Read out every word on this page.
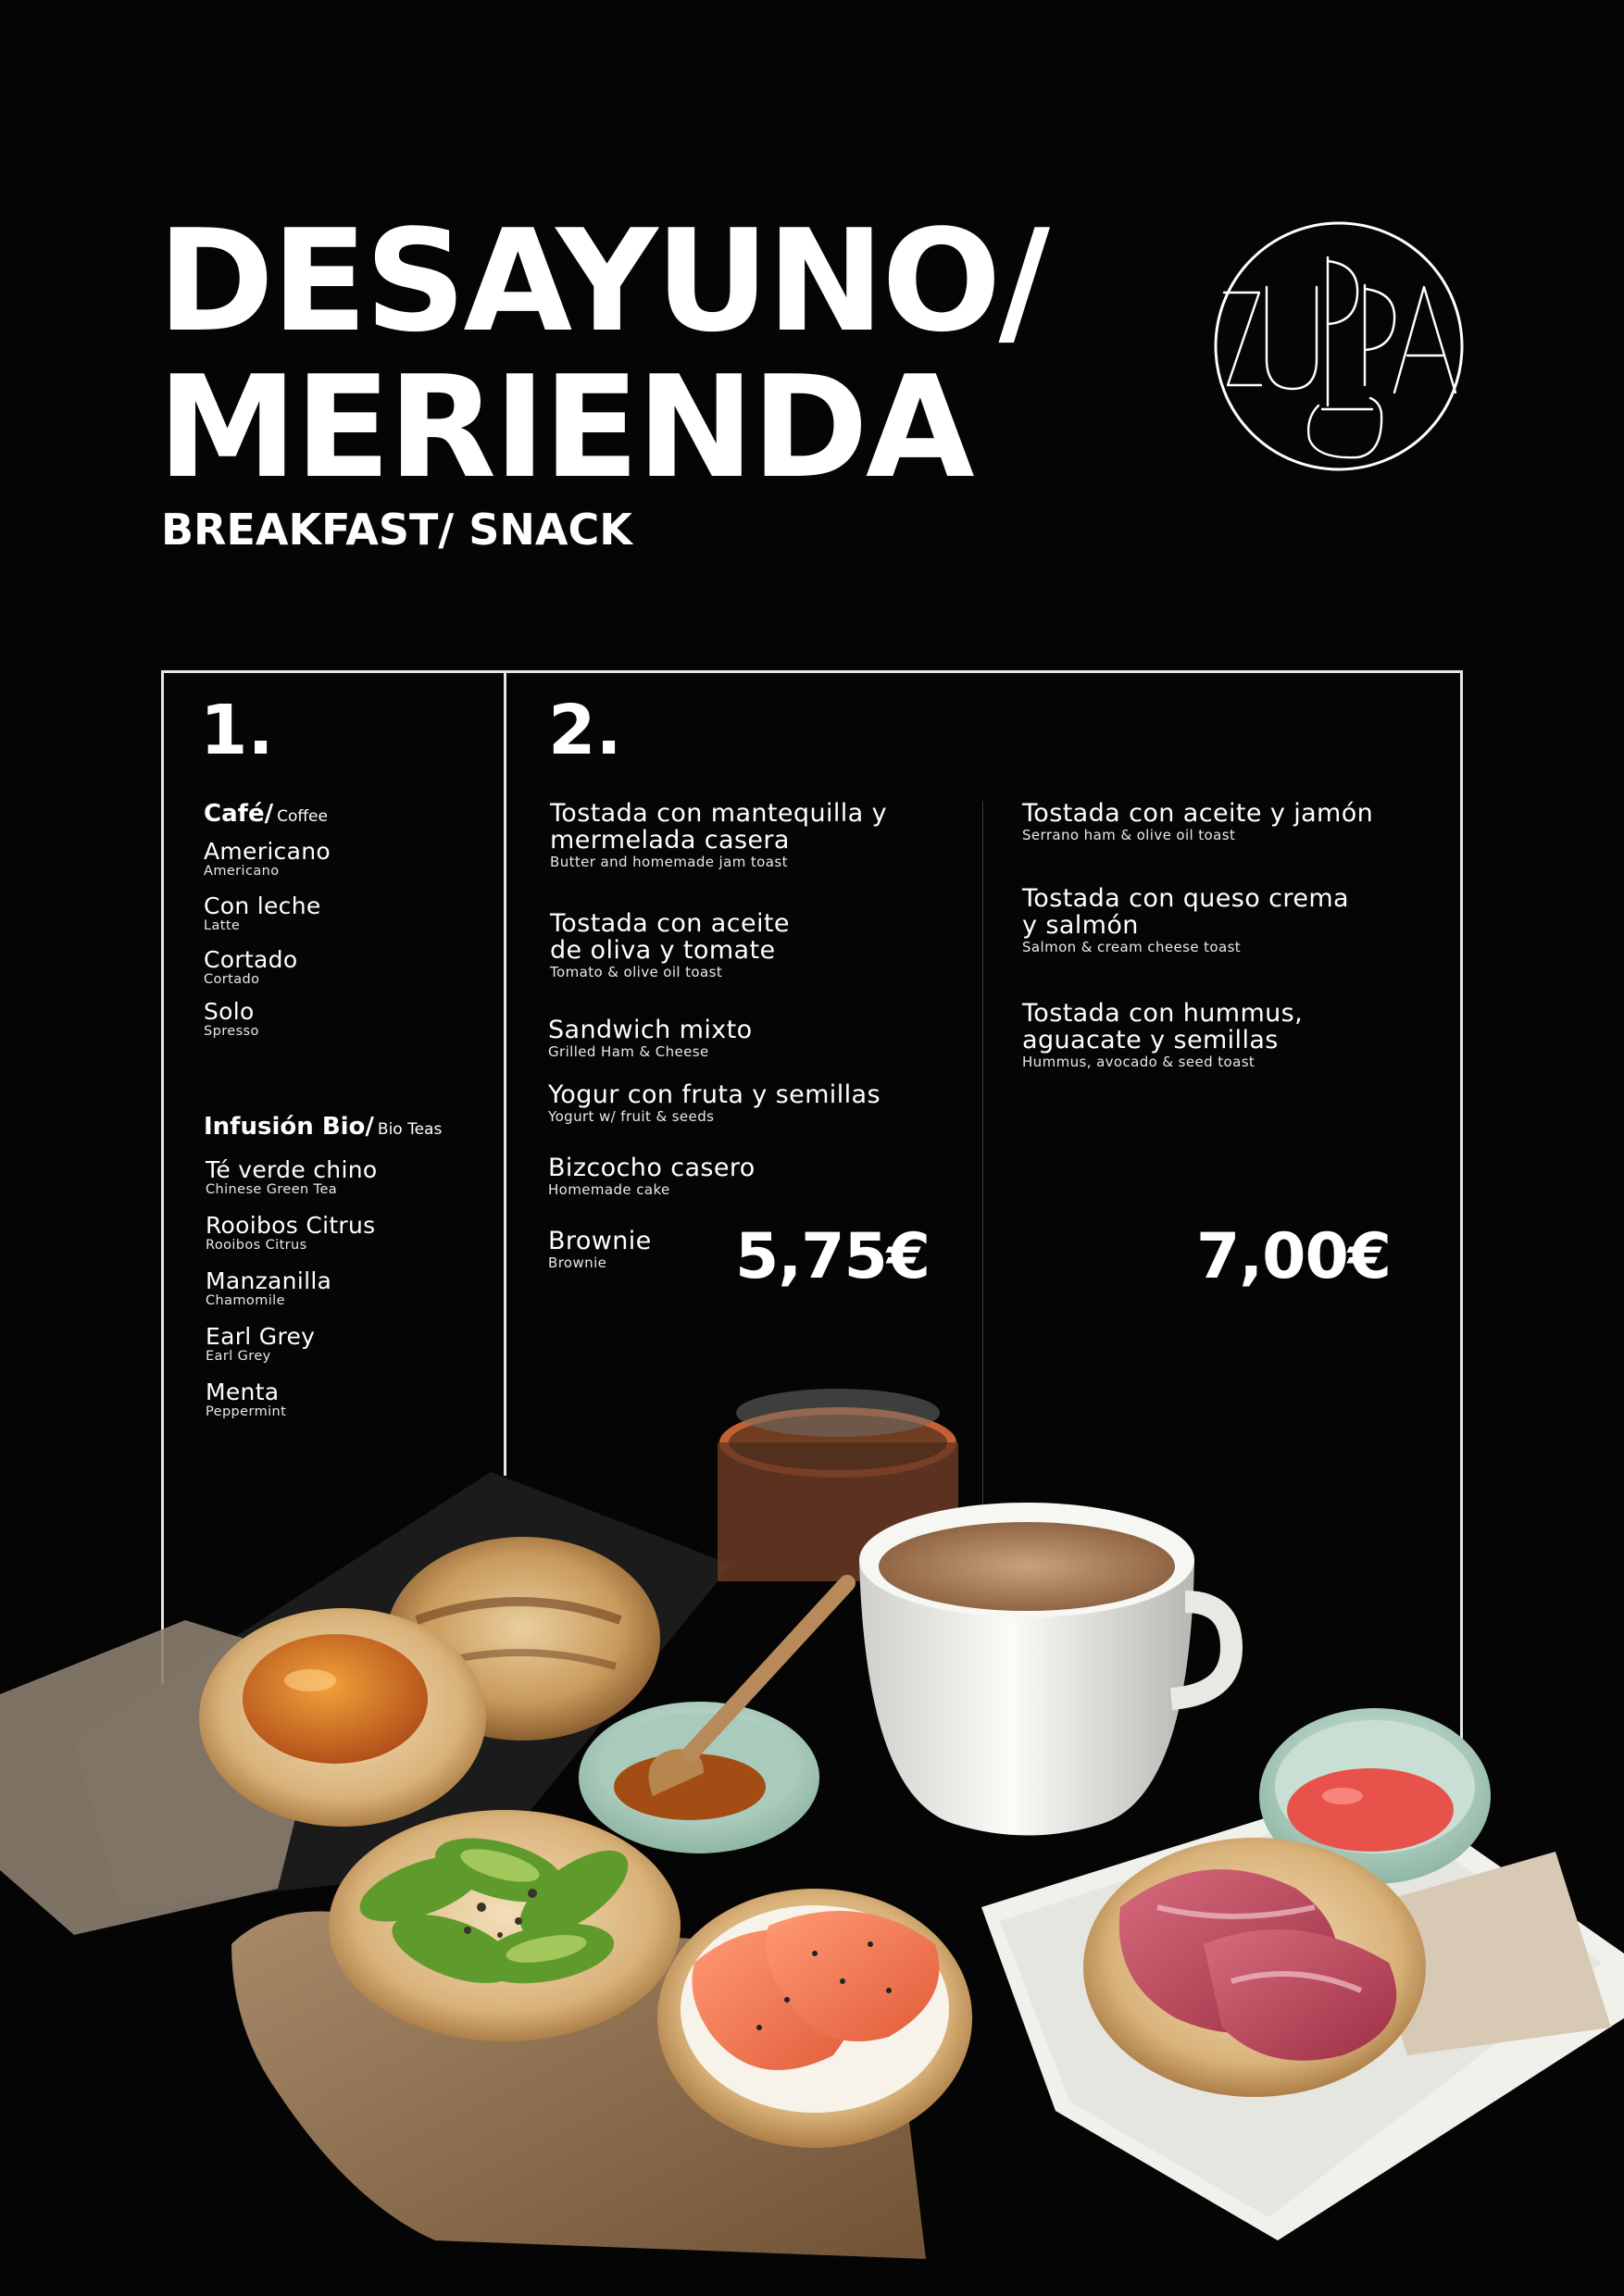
DESAYUNO/
MERIENDA
BREAKFAST/ SNACK
1.
Café/ Coffee
Americano
Americano
Con leche
Latte
Cortado
Cortado
Solo
Spresso
Infusión Bio/ Bio Teas
Té verde chino
Chinese Green Tea
Rooibos Citrus
Rooibos Citrus
Manzanilla
Chamomile
Earl Grey
Earl Grey
Menta
Peppermint
2.
Tostada con mantequilla y
mermelada casera
Butter and homemade jam toast
Tostada con aceite
de oliva y tomate
Tomato & olive oil toast
Sandwich mixto
Grilled Ham & Cheese
Yogur con fruta y semillas
Yogurt w/ fruit & seeds
Bizcocho casero
Homemade cake
Brownie
Brownie	5,75€
Tostada con aceite y jamón
Serrano ham & olive oil toast
Tostada con queso crema
y salmón
Salmon & cream cheese toast
Tostada con hummus,
aguacate y semillas
Hummus, avocado & seed toast
7,00€
